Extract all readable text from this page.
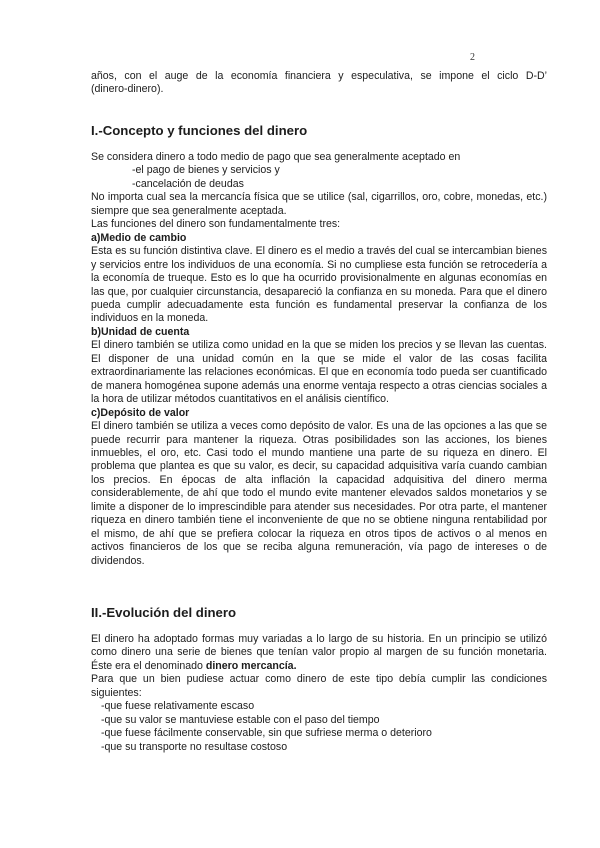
2

años, con el auge de la economía financiera y especulativa, se impone el ciclo D-D’

(dinero-dinero).

I.-Concepto y funciones del dinero

Se considera dinero a todo medio de pago que sea generalmente aceptado en

-el pago de bienes y servicios y

-cancelación de deudas

No importa cual sea la mercancía física que se utilice (sal, cigarrillos, oro, cobre, monedas, etc.) siempre que sea generalmente aceptada.

Las funciones del dinero son fundamentalmente tres:

a)Medio de cambio

Esta es su función distintiva clave. El dinero es el medio a través del cual se intercambian bienes y servicios entre los individuos de una economía. Si no cumpliese esta función se retrocedería a la economía de trueque. Esto es lo que ha ocurrido provisionalmente en algunas economías en las que, por cualquier circunstancia, desapareció la confianza en su moneda. Para que el dinero pueda cumplir adecuadamente esta función es fundamental preservar la confianza de los individuos en la moneda.

b)Unidad de cuenta

El dinero también se utiliza como unidad en la que se miden los precios y se llevan las cuentas. El disponer de una unidad común en la que se mide el valor de las cosas facilita extraordinariamente las relaciones económicas. El que en economía todo pueda ser cuantificado de manera homogénea supone además una enorme ventaja respecto a otras ciencias sociales a la hora de utilizar métodos cuantitativos en el análisis científico.

c)Depósito de valor

El dinero también se utiliza a veces como depósito de valor. Es una de las opciones a las que se puede recurrir para mantener la riqueza. Otras posibilidades son las acciones, los bienes inmuebles, el oro, etc. Casi todo el mundo mantiene una parte de su riqueza en dinero. El problema que plantea es que su valor, es decir, su capacidad adquisitiva varía cuando cambian los precios. En épocas de alta inflación la capacidad adquisitiva del dinero merma considerablemente, de ahí que todo el mundo evite mantener elevados saldos monetarios y se limite a disponer de lo imprescindible para atender sus necesidades. Por otra parte, el mantener riqueza en dinero también tiene el inconveniente de que no se obtiene ninguna rentabilidad por el mismo, de ahí que se prefiera colocar la riqueza en otros tipos de activos o al menos en activos financieros de los que se reciba alguna remuneración, vía pago de intereses o de dividendos.

II.-Evolución del dinero

El dinero ha adoptado formas muy variadas a lo largo de su historia. En un principio se utilizó como dinero una serie de bienes que tenían valor propio al margen de su función monetaria. Éste era el denominado dinero mercancía.

Para que un bien pudiese actuar como dinero de este tipo debía cumplir las condiciones siguientes:

-que fuese relativamente escaso

-que su valor se mantuviese estable con el paso del tiempo

-que fuese fácilmente conservable, sin que sufriese merma o deterioro

-que su transporte no resultase costoso
